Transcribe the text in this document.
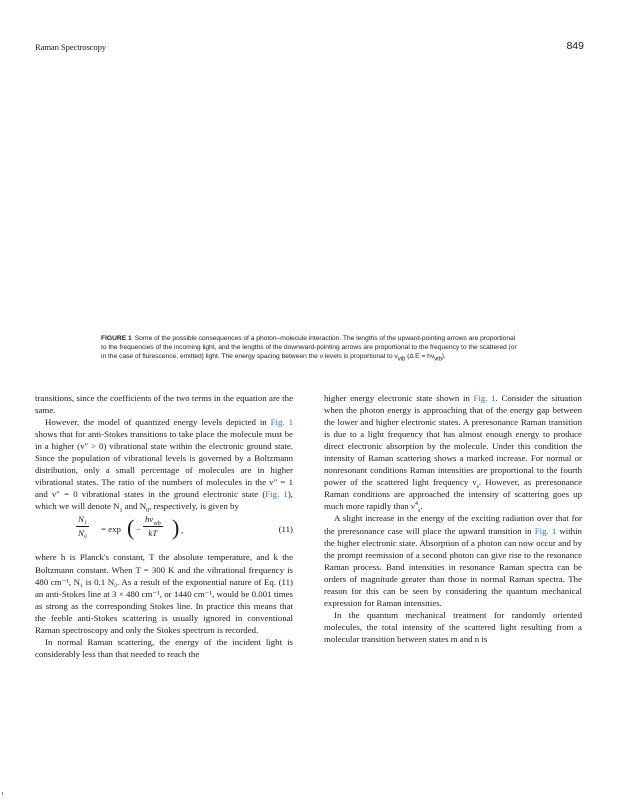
Raman Spectroscopy	849
FIGURE 1 Some of the possible consequences of a photon–molecule interaction. The lengths of the upward-pointing arrows are proportional to the frequencies of the incoming light, and the lengths of the downward-pointing arrows are proportional to the frequency to the scattered (or in the case of flurescence, emitted) light. The energy spacing between the ν levels is proportional to $\nu_{vib}$ (Δ $E = h\nu_{vib}$).

transitions, since the coefficients of the two terms in the equation are the same.

However, the model of quantized energy levels depicted in Fig. 1 shows that for anti-Stokes transitions to take place the molecule must be in a higher (v″ > 0) vibrational state within the electronic ground state. Since the population of vibrational levels is governed by a Boltzmann distribution, only a small percentage of molecules are in higher vibrational states. The ratio of the numbers of molecules in the v″ = 1 and v″ = 0 vibrational states in the ground electronic state (Fig. 1), which we will denote $N_1$ and $N_0$, respectively, is given by

$\frac{\text{N₁}}{\text{N₀}} = \exp$ ( −
$h\nu_{vib}$
kT ) ,	(11)

where h is Planck's constant, T the absolute temperature, and k the Boltzmann constant. When T = 300 K and the vibrational frequency is 480 cm⁻¹, N₁ is 0.1 N₀. As a result of the exponential nature of Eq. (11) an anti-Stokes line at 3 × 480 cm⁻¹, or 1440 cm⁻¹, would be 0.001 times as strong as the corresponding Stokes line. In practice this means that the feeble anti-Stokes scattering is usually ignored in conventional Raman spectroscopy and only the Stokes spectrum is recorded.

In normal Raman scattering, the energy of the incident light is considerably less than that needed to reach the

higher energy electronic state shown in Fig. 1. Consider the situation when the photon energy is approaching that of the energy gap between the lower and higher electronic states. A preresonance Raman transition is due to a light frequency that has almost enough energy to produce direct electronic absorption by the molecule. Under this condition the intensity of Raman scattering shows a marked increase. For normal or nonresonant conditions Raman intensities are proportional to the fourth power of the scattered light frequency $\nu_s$. However, as preresonance Raman conditions are approached the intensity of scattering goes up much more rapidly than $\nu^4_s$.

A slight increase in the energy of the exciting radiation over that for the preresonance case will place the upward transition in Fig. 1 within the higher electronic state. Absorption of a photon can now occur and by the prompt reemission of a second photon can give rise to the resonance Raman process. Band intensities in resonance Raman spectra can be orders of magnitude greater than those in normal Raman spectra. The reason for this can be seen by considering the quantum mechanical expression for Raman intensities.

In the quantum mechanical treatment for randomly oriented molecules, the total intensity of the scattered light resulting from a molecular transition between states m and n is
